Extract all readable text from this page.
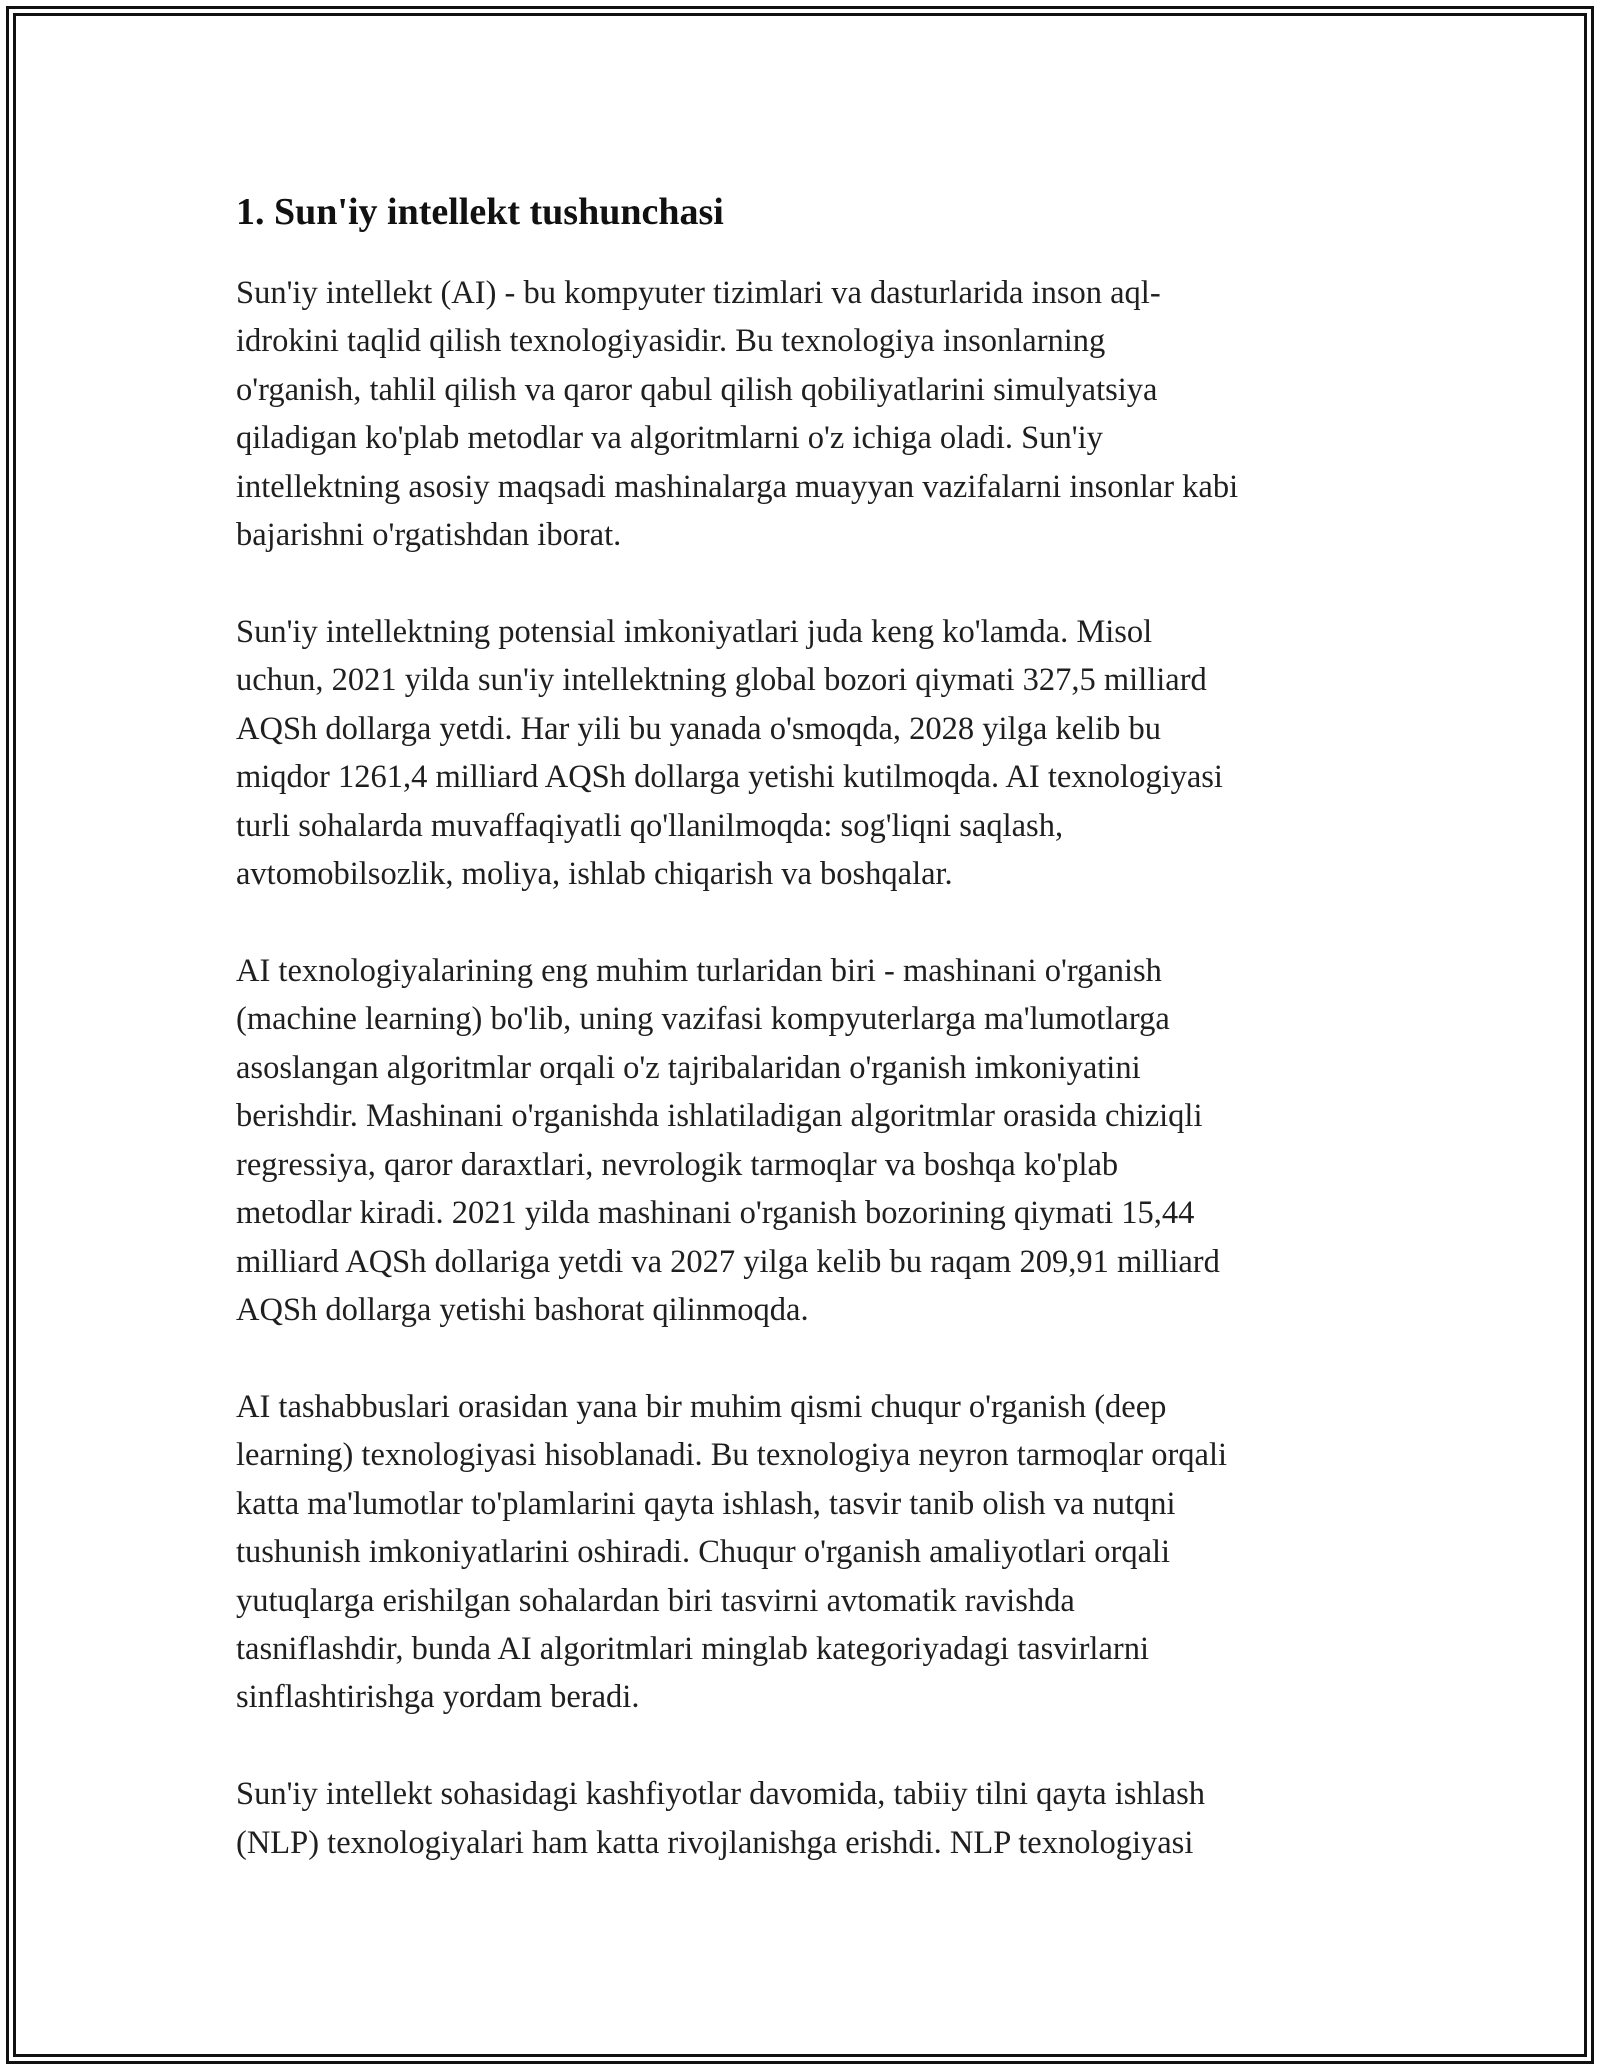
1. Sun'iy intellekt tushunchasi

Sun'iy intellekt (AI) - bu kompyuter tizimlari va dasturlarida inson aql-
idrokini taqlid qilish texnologiyasidir. Bu texnologiya insonlarning
o'rganish, tahlil qilish va qaror qabul qilish qobiliyatlarini simulyatsiya
qiladigan ko'plab metodlar va algoritmlarni o'z ichiga oladi. Sun'iy
intellektning asosiy maqsadi mashinalarga muayyan vazifalarni insonlar kabi
bajarishni o'rgatishdan iborat.

Sun'iy intellektning potensial imkoniyatlari juda keng ko'lamda. Misol
uchun, 2021 yilda sun'iy intellektning global bozori qiymati 327,5 milliard
AQSh dollarga yetdi. Har yili bu yanada o'smoqda, 2028 yilga kelib bu
miqdor 1261,4 milliard AQSh dollarga yetishi kutilmoqda. AI texnologiyasi
turli sohalarda muvaffaqiyatli qo'llanilmoqda: sog'liqni saqlash,
avtomobilsozlik, moliya, ishlab chiqarish va boshqalar.

AI texnologiyalarining eng muhim turlaridan biri - mashinani o'rganish
(machine learning) bo'lib, uning vazifasi kompyuterlarga ma'lumotlarga
asoslangan algoritmlar orqali o'z tajribalaridan o'rganish imkoniyatini
berishdir. Mashinani o'rganishda ishlatiladigan algoritmlar orasida chiziqli
regressiya, qaror daraxtlari, nevrologik tarmoqlar va boshqa ko'plab
metodlar kiradi. 2021 yilda mashinani o'rganish bozorining qiymati 15,44
milliard AQSh dollariga yetdi va 2027 yilga kelib bu raqam 209,91 milliard
AQSh dollarga yetishi bashorat qilinmoqda.

AI tashabbuslari orasidan yana bir muhim qismi chuqur o'rganish (deep
learning) texnologiyasi hisoblanadi. Bu texnologiya neyron tarmoqlar orqali
katta ma'lumotlar to'plamlarini qayta ishlash, tasvir tanib olish va nutqni
tushunish imkoniyatlarini oshiradi. Chuqur o'rganish amaliyotlari orqali
yutuqlarga erishilgan sohalardan biri tasvirni avtomatik ravishda
tasniflashdir, bunda AI algoritmlari minglab kategoriyadagi tasvirlarni
sinflashtirishga yordam beradi.

Sun'iy intellekt sohasidagi kashfiyotlar davomida, tabiiy tilni qayta ishlash
(NLP) texnologiyalari ham katta rivojlanishga erishdi. NLP texnologiyasi
